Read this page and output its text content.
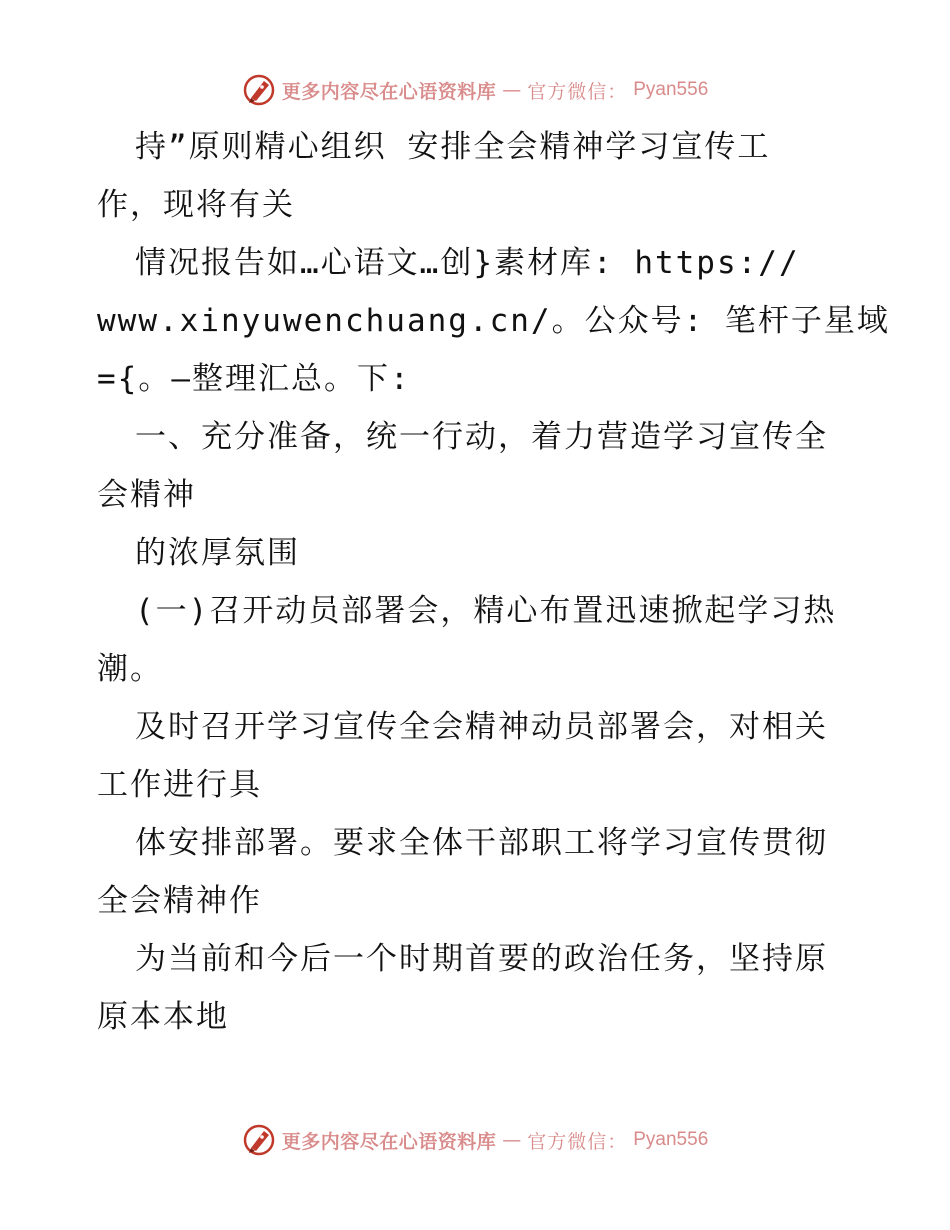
更多内容尽在心语资料库 — 官方微信： Pyan556
持”原则精心组织 安排全会精神学习宣传工
作，现将有关
情况报告如…心语文…创}素材库: https://
www.xinyuwenchuang.cn/。公众号: 笔杆子星域
={。—整理汇总。下:
一、充分准备，统一行动，着力营造学习宣传全
会精神
的浓厚氛围
(一)召开动员部署会，精心布置迅速掀起学习热
潮。
及时召开学习宣传全会精神动员部署会，对相关
工作进行具
体安排部署。要求全体干部职工将学习宣传贯彻
全会精神作
为当前和今后一个时期首要的政治任务，坚持原
原本本地
更多内容尽在心语资料库 — 官方微信： Pyan556
